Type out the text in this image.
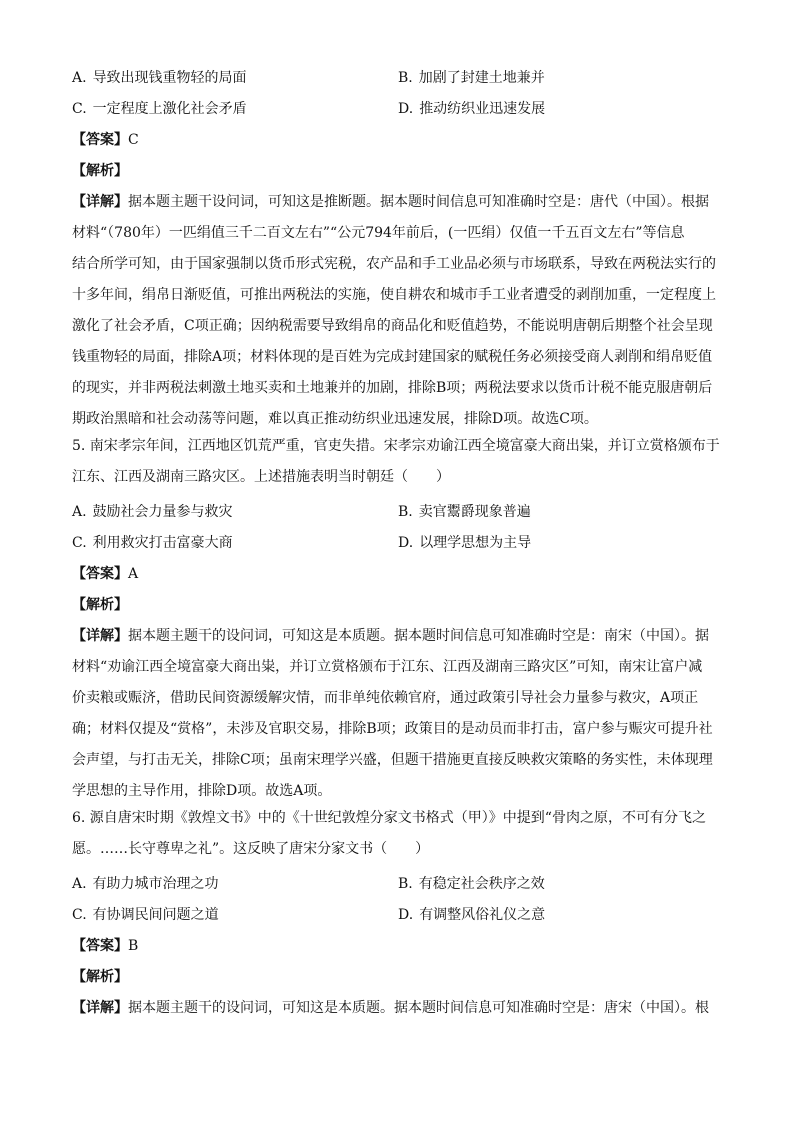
A. 导致出现钱重物轻的局面	B. 加剧了封建土地兼并
C. 一定程度上激化社会矛盾	D. 推动纺织业迅速发展
【答案】C
【解析】
【详解】据本题主题干设问词，可知这是推断题。据本题时间信息可知准确时空是：唐代（中国）。根据
材料“（780年）一匹绢值三千二百文左右”“公元794年前后，(一匹绢）仅值一千五百文左右”等信息
结合所学可知，由于国家强制以货币形式宪税，农产品和手工业品必须与市场联系，导致在两税法实行的
十多年间，绢帛日渐贬值，可推出两税法的实施，使自耕农和城市手工业者遭受的剥削加重，一定程度上
激化了社会矛盾，C项正确；因纳税需要导致绢帛的商品化和贬值趋势，不能说明唐朝后期整个社会呈现
钱重物轻的局面，排除A项；材料体现的是百姓为完成封建国家的赋税任务必须接受商人剥削和绢帛贬值
的现实，并非两税法刺激土地买卖和土地兼并的加剧，排除B项；两税法要求以货币计税不能克服唐朝后
期政治黑暗和社会动荡等问题，难以真正推动纺织业迅速发展，排除D项。故选C项。
5. 南宋孝宗年间，江西地区饥荒严重，官吏失措。宋孝宗劝谕江西全境富豪大商出粜，并订立赏格颁布于
江东、江西及湖南三路灾区。上述措施表明当时朝廷（　　）
A. 鼓励社会力量参与救灾	B. 卖官鬻爵现象普遍
C. 利用救灾打击富豪大商	D. 以理学思想为主导
【答案】A
【解析】
【详解】据本题主题干的设问词，可知这是本质题。据本题时间信息可知准确时空是：南宋（中国）。据
材料“劝谕江西全境富豪大商出粜，并订立赏格颁布于江东、江西及湖南三路灾区”可知，南宋让富户减
价卖粮或赈济，借助民间资源缓解灾情，而非单纯依赖官府，通过政策引导社会力量参与救灾，A项正
确；材料仅提及“赏格”，未涉及官职交易，排除B项；政策目的是动员而非打击，富户参与赈灾可提升社
会声望，与打击无关，排除C项；虽南宋理学兴盛，但题干措施更直接反映救灾策略的务实性，未体现理
学思想的主导作用，排除D项。故选A项。
6. 源自唐宋时期《敦煌文书》中的《十世纪敦煌分家文书格式（甲）》中提到“骨肉之原，不可有分飞之
愿。……长守尊卑之礼”。这反映了唐宋分家文书（　　）
A. 有助力城市治理之功	B. 有稳定社会秩序之效
C. 有协调民间问题之道	D. 有调整风俗礼仪之意
【答案】B
【解析】
【详解】据本题主题干的设问词，可知这是本质题。据本题时间信息可知准确时空是：唐宋（中国）。根
